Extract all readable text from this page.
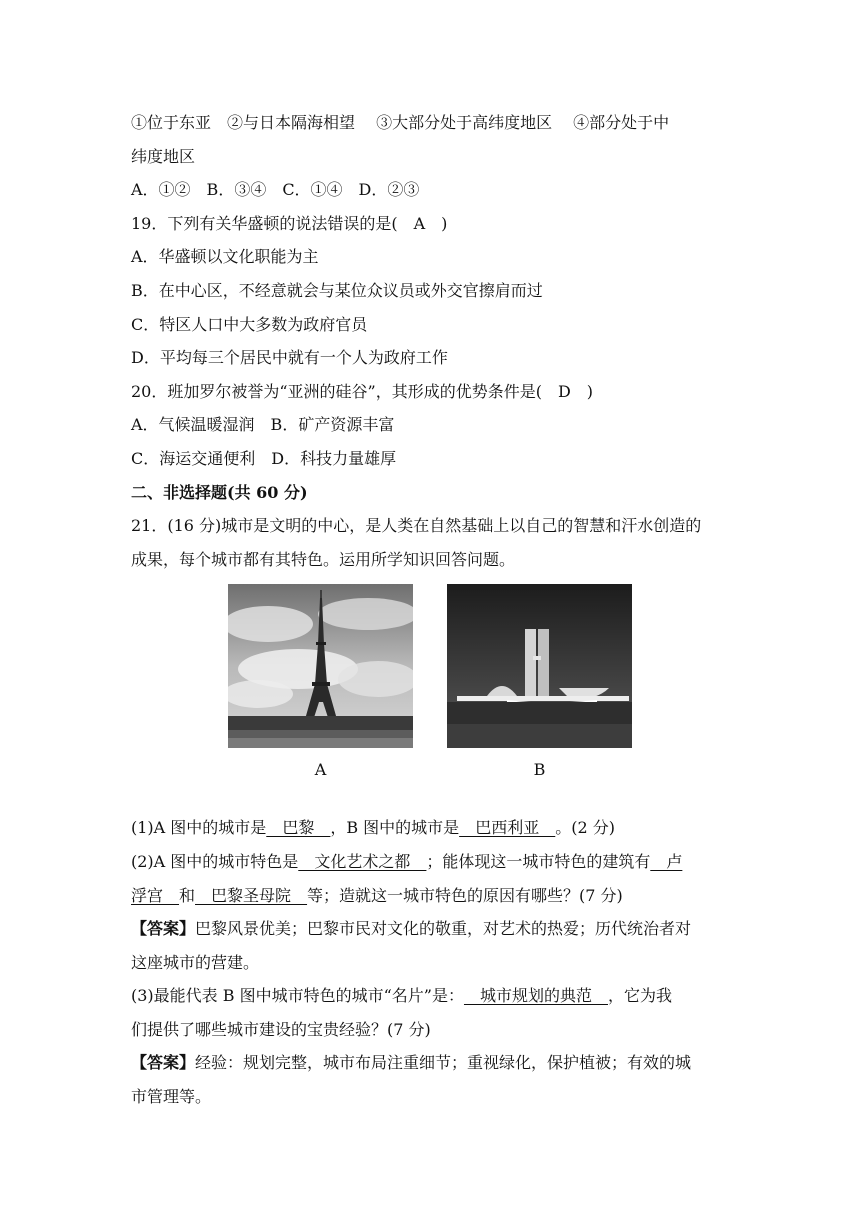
①位于东亚　②与日本隔海相望　 ③大部分处于高纬度地区　 ④部分处于中
纬度地区
A．①②　B．③④　C．①④　D．②③
19．下列有关华盛顿的说法错误的是(　A　)
A．华盛顿以文化职能为主
B．在中心区，不经意就会与某位众议员或外交官擦肩而过
C．特区人口中大多数为政府官员
D．平均每三个居民中就有一个人为政府工作
20．班加罗尔被誉为“亚洲的硅谷”，其形成的优势条件是(　D　)
A．气候温暖湿润　B．矿产资源丰富
C．海运交通便利　D．科技力量雄厚
二、非选择题(共 60 分)
21．(16 分)城市是文明的中心，是人类在自然基础上以自己的智慧和汗水创造的
成果，每个城市都有其特色。运用所学知识回答问题。
A	B
(1)A 图中的城市是__巴黎__，B 图中的城市是__巴西利亚__。(2 分)
(2)A 图中的城市特色是__文化艺术之都__；能体现这一城市特色的建筑有__卢
浮宫__和__巴黎圣母院__等；造就这一城市特色的原因有哪些？(7 分)
【答案】巴黎风景优美；巴黎市民对文化的敬重，对艺术的热爱；历代统治者对
这座城市的营建。
(3)最能代表 B 图中城市特色的城市“名片”是：__城市规划的典范__，它为我
们提供了哪些城市建设的宝贵经验？(7 分)
【答案】经验：规划完整，城市布局注重细节；重视绿化，保护植被；有效的城
市管理等。
